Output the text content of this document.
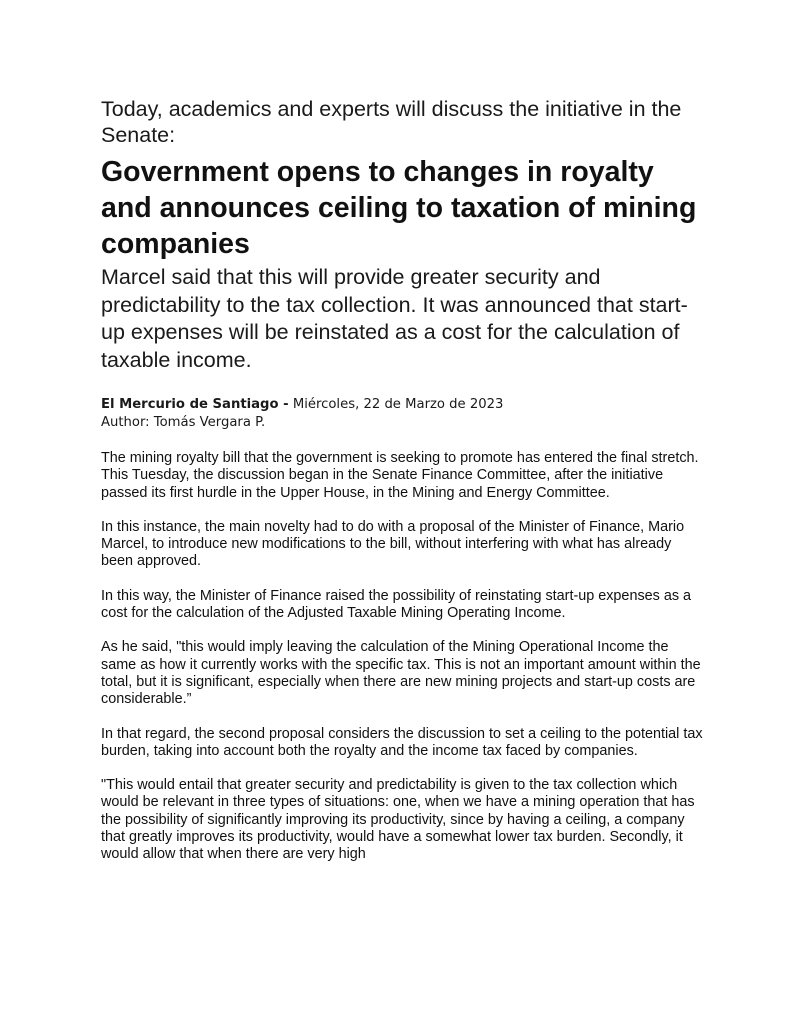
Today, academics and experts will discuss the initiative in the Senate:
Government opens to changes in royalty and announces ceiling to taxation of mining companies

Marcel said that this will provide greater security and predictability to the tax collection. It was announced that start-up expenses will be reinstated as a cost for the calculation of taxable income.

El Mercurio de Santiago - Miércoles, 22 de Marzo de 2023
Author: Tomás Vergara P.

The mining royalty bill that the government is seeking to promote has entered the final stretch. This Tuesday, the discussion began in the Senate Finance Committee, after the initiative passed its first hurdle in the Upper House, in the Mining and Energy Committee.

In this instance, the main novelty had to do with a proposal of the Minister of Finance, Mario Marcel, to introduce new modifications to the bill, without interfering with what has already been approved.

In this way, the Minister of Finance raised the possibility of reinstating start-up expenses as a cost for the calculation of the Adjusted Taxable Mining Operating Income.

As he said, "this would imply leaving the calculation of the Mining Operational Income the same as how it currently works with the specific tax. This is not an important amount within the total, but it is significant, especially when there are new mining projects and start-up costs are considerable.”

In that regard, the second proposal considers the discussion to set a ceiling to the potential tax burden, taking into account both the royalty and the income tax faced by companies.

"This would entail that greater security and predictability is given to the tax collection which would be relevant in three types of situations: one, when we have a mining operation that has the possibility of significantly improving its productivity, since by having a ceiling, a company that greatly improves its productivity, would have a somewhat lower tax burden. Secondly, it would allow that when there are very high
